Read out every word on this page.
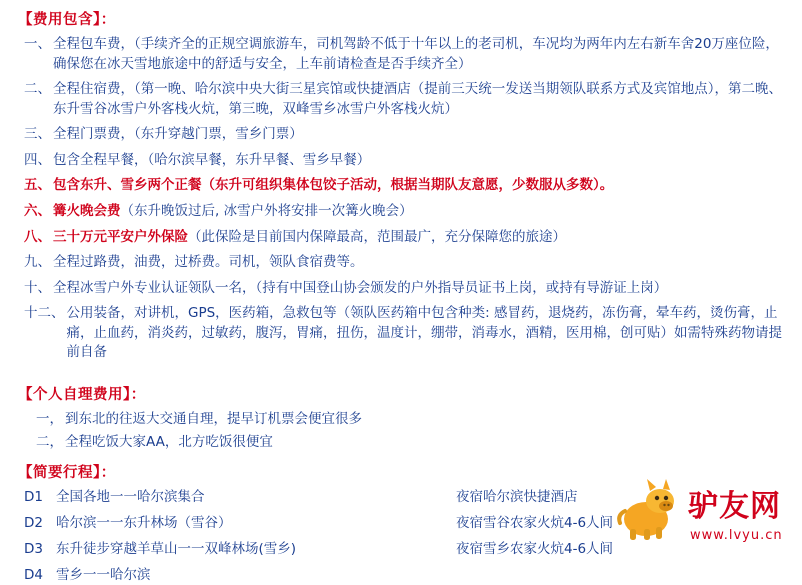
【费用包含】：
一、 全程包车费，（手续齐全的正规空调旅游车，司机驾龄不低于十年以上的老司机，车况均为两年内左右新车舍20万座位险，确保您在冰天雪地旅途中的舒适与安全，上车前请检查是否手续齐全）
二、 全程住宿费，（第一晚、哈尔滨中央大街三星宾馆或快捷酒店（提前三天统一发送当期领队联系方式及宾馆地点），第二晚、东升雪谷冰雪户外客栈火炕，第三晚，双峰雪乡冰雪户外客栈火炕）
三、 全程门票费，（东升穿越门票，雪乡门票）
四、 包含全程早餐，（哈尔滨早餐，东升早餐、雪乡早餐）
五、 包含东升、雪乡两个正餐（东升可组织集体包饺子活动，根据当期队友意愿，少数服从多数）。
六、 篝火晚会费（东升晚饭过后, 冰雪户外将安排一次篝火晚会）
八、 三十万元平安户外保险（此保险是目前国内保障最高，范围最广，充分保障您的旅途）
九、 全程过路费，油费，过桥费。司机，领队食宿费等。
十、 全程冰雪户外专业认证领队一名，（持有中国登山协会颁发的户外指导员证书上岗，或持有导游证上岗）
十二、 公用装备，对讲机，GPS，医药箱，急救包等（领队医药箱中包含种类: 感冒药，退烧药，冻伤膏，晕车药，烫伤膏，止痛，止血药，消炎药，过敏药，腹泻，胃痛，扭伤，温度计，绷带，消毒水，酒精，医用棉，创可贴）如需特殊药物请提前自备
【个人自理费用】：
一， 到东北的往返大交通自理，提早订机票会便宜很多
二， 全程吃饭大家AA，北方吃饭很便宜
【简要行程】：
D1 全国各地一一哈尔滨集合	夜宿哈尔滨快捷酒店
D2 哈尔滨一一东升林场（雪谷）	夜宿雪谷农家火炕4-6人间
D3 东升徒步穿越羊草山一一双峰林场(雪乡)	夜宿雪乡农家火炕4-6人间
D4 雪乡一一哈尔滨
驴友网
www.lvyu.cn
